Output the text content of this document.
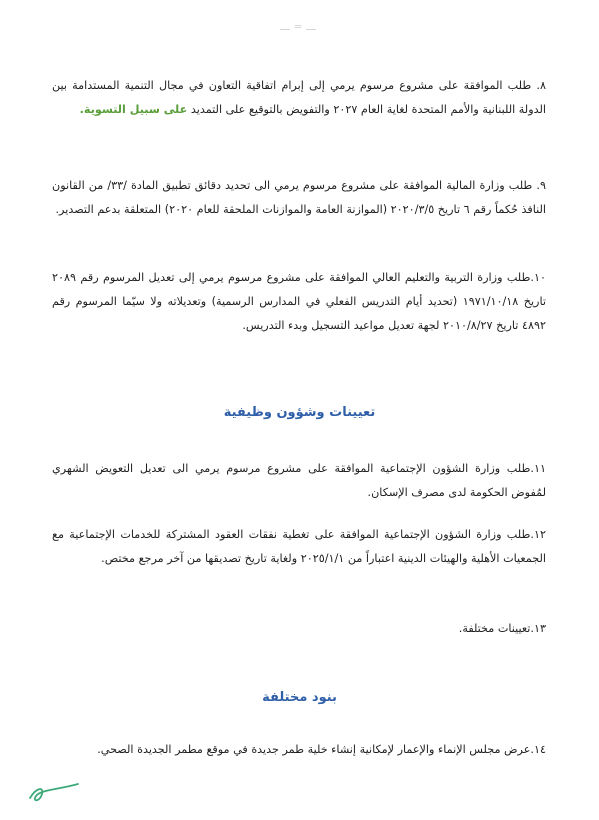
ـــ = ـــ
٨. طلب الموافقة على مشروع مرسوم يرمي إلى إبرام اتفاقية التعاون في مجال التنمية المستدامة بين الدولة اللبنانية والأمم المتحدة لغاية العام ٢٠٢٧ والتفويض بالتوقيع على التمديد على سبيل التسوية.
٩. طلب وزارة المالية الموافقة على مشروع مرسوم يرمي الى تحديد دقائق تطبيق المادة /٣٣/ من القانون النافذ حُكماً رقم ٦ تاريخ ٢٠٢٠/٣/٥ (الموازنة العامة والموازنات الملحقة للعام ٢٠٢٠) المتعلقة بدعم التصدير.
١٠.طلب وزارة التربية والتعليم العالي الموافقة على مشروع مرسوم يرمي إلى تعديل المرسوم رقم ٢٠٨٩ تاريخ ١٩٧١/١٠/١٨ (تحديد أيام التدريس الفعلي في المدارس الرسمية) وتعديلاته ولا سيّما المرسوم رقم ٤٨٩٢ تاريخ ٢٠١٠/٨/٢٧ لجهة تعديل مواعيد التسجيل وبدء التدريس.
تعيينات وشؤون وظيفية
١١.طلب وزارة الشؤون الإجتماعية الموافقة على مشروع مرسوم يرمي الى تعديل التعويض الشهري لمُفوض الحكومة لدى مصرف الإسكان.
١٢.طلب وزارة الشؤون الإجتماعية الموافقة على تغطية نفقات العقود المشتركة للخدمات الإجتماعية مع الجمعيات الأهلية والهيئات الدينية اعتباراً من ٢٠٢٥/١/١ ولغاية تاريخ تصديقها من آخر مرجع مختص.
١٣.تعيينات مختلفة.
بنود مختلفة
١٤.عرض مجلس الإنماء والإعمار لإمكانية إنشاء خلية طمر جديدة في موقع مطمر الجديدة الصحي.
